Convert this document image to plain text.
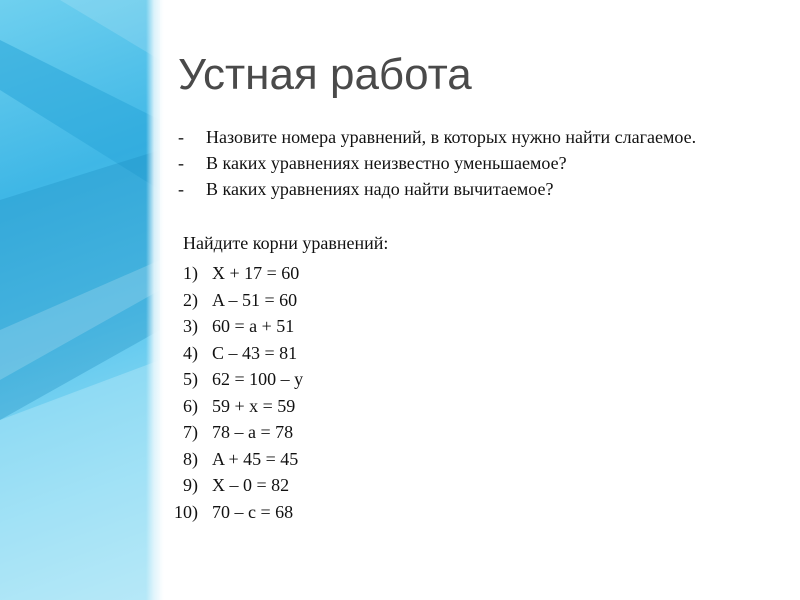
Устная работа
-	Назовите номера уравнений, в которых нужно найти слагаемое.
-	В каких уравнениях неизвестно уменьшаемое?
-	В каких уравнениях надо найти вычитаемое?
Найдите корни уравнений:
1) X + 17 = 60
2) A – 51 = 60
3) 60 = a + 51
4) C – 43 = 81
5) 62 = 100 – y
6) 59 + x = 59
7) 78 – a = 78
8) A + 45 = 45
9) X – 0 = 82
10) 70 – c = 68
